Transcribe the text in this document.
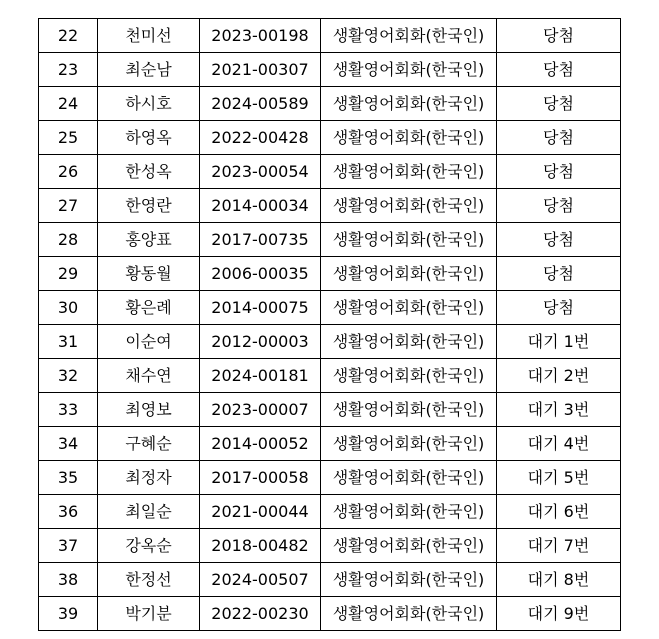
22	천미선	2023-00198	생활영어회화(한국인)	당첨
23	최순남	2021-00307	생활영어회화(한국인)	당첨
24	하시호	2024-00589	생활영어회화(한국인)	당첨
25	하영옥	2022-00428	생활영어회화(한국인)	당첨
26	한성옥	2023-00054	생활영어회화(한국인)	당첨
27	한영란	2014-00034	생활영어회화(한국인)	당첨
28	홍양표	2017-00735	생활영어회화(한국인)	당첨
29	황동월	2006-00035	생활영어회화(한국인)	당첨
30	황은례	2014-00075	생활영어회화(한국인)	당첨
31	이순여	2012-00003	생활영어회화(한국인)	대기 1번
32	채수연	2024-00181	생활영어회화(한국인)	대기 2번
33	최영보	2023-00007	생활영어회화(한국인)	대기 3번
34	구혜순	2014-00052	생활영어회화(한국인)	대기 4번
35	최정자	2017-00058	생활영어회화(한국인)	대기 5번
36	최일순	2021-00044	생활영어회화(한국인)	대기 6번
37	강옥순	2018-00482	생활영어회화(한국인)	대기 7번
38	한정선	2024-00507	생활영어회화(한국인)	대기 8번
39	박기분	2022-00230	생활영어회화(한국인)	대기 9번
